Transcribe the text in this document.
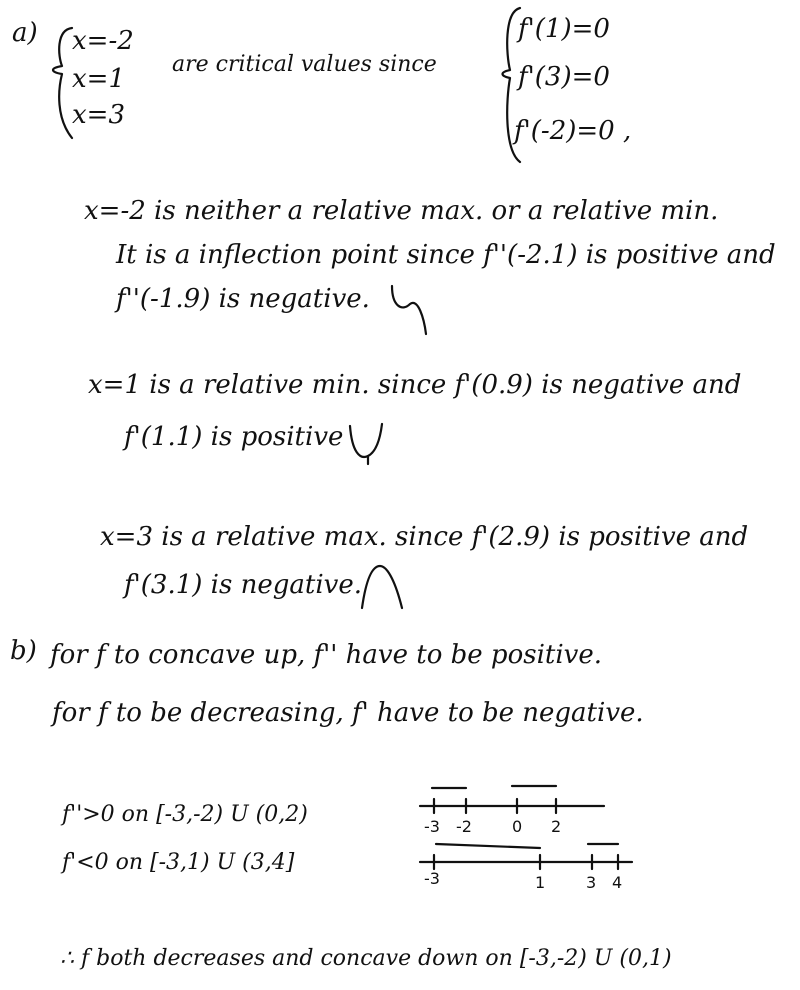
a) x=-2
x=1
x=3
are critical values since
f'(1)=0
f'(3)=0
f'(-2)=0 ,
x=-2 is neither a relative max. or a relative min.
It is a inflection point since f''(-2.1) is positive and
f''(-1.9) is negative.
x=1 is a relative min. since f'(0.9) is negative and
f'(1.1) is positive
x=3 is a relative max. since f'(2.9) is positive and
f'(3.1) is negative.
b) for f to concave up, f'' have to be positive.
for f to be decreasing, f' have to be negative.
f''>0 on [-3,-2) U (0,2)
f'<0 on [-3,1) U (3,4]
-3 -2	0 2
-3	1	3 4
∴ f both decreases and concave down on [-3,-2) U (0,1)
